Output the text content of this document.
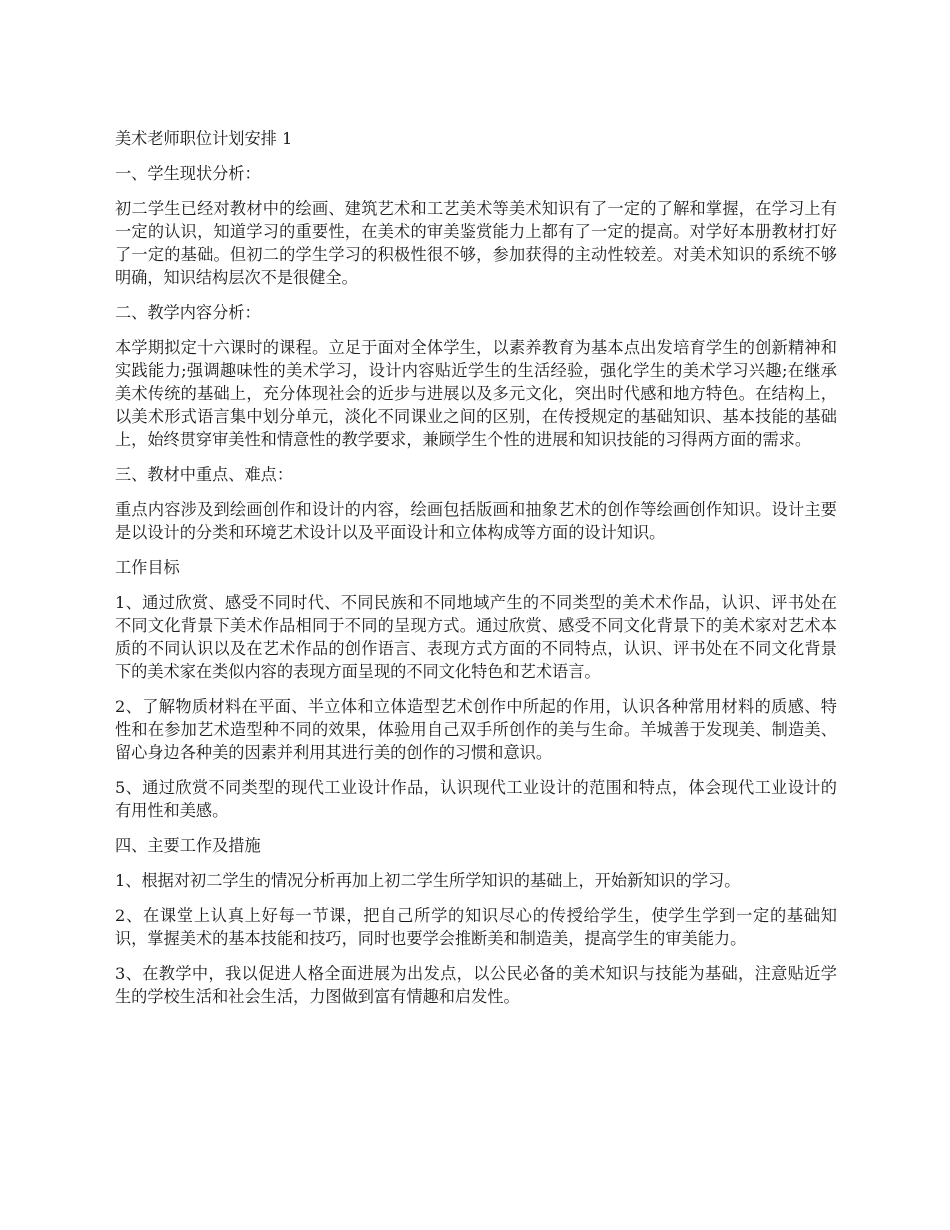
美术老师职位计划安排 1

一、学生现状分析：

初二学生已经对教材中的绘画、建筑艺术和工艺美术等美术知识有了一定的了解和掌握，在学习上有一定的认识，知道学习的重要性，在美术的审美鉴赏能力上都有了一定的提高。对学好本册教材打好了一定的基础。但初二的学生学习的积极性很不够，参加获得的主动性较差。对美术知识的系统不够明确，知识结构层次不是很健全。

二、教学内容分析：

本学期拟定十六课时的课程。立足于面对全体学生，以素养教育为基本点出发培育学生的创新精神和实践能力;强调趣味性的美术学习，设计内容贴近学生的生活经验，强化学生的美术学习兴趣;在继承美术传统的基础上，充分体现社会的近步与进展以及多元文化，突出时代感和地方特色。在结构上，以美术形式语言集中划分单元，淡化不同课业之间的区别，在传授规定的基础知识、基本技能的基础上，始终贯穿审美性和情意性的教学要求，兼顾学生个性的进展和知识技能的习得两方面的需求。

三、教材中重点、难点：

重点内容涉及到绘画创作和设计的内容，绘画包括版画和抽象艺术的创作等绘画创作知识。设计主要是以设计的分类和环境艺术设计以及平面设计和立体构成等方面的设计知识。

工作目标

1、通过欣赏、感受不同时代、不同民族和不同地域产生的不同类型的美术术作品，认识、评书处在不同文化背景下美术作品相同于不同的呈现方式。通过欣赏、感受不同文化背景下的美术家对艺术本质的不同认识以及在艺术作品的创作语言、表现方式方面的不同特点，认识、评书处在不同文化背景下的美术家在类似内容的表现方面呈现的不同文化特色和艺术语言。

2、了解物质材料在平面、半立体和立体造型艺术创作中所起的作用，认识各种常用材料的质感、特性和在参加艺术造型种不同的效果，体验用自己双手所创作的美与生命。羊城善于发现美、制造美、留心身边各种美的因素并利用其进行美的创作的习惯和意识。

5、通过欣赏不同类型的现代工业设计作品，认识现代工业设计的范围和特点，体会现代工业设计的有用性和美感。

四、主要工作及措施

1、根据对初二学生的情况分析再加上初二学生所学知识的基础上，开始新知识的学习。

2、在课堂上认真上好每一节课，把自己所学的知识尽心的传授给学生，使学生学到一定的基础知识，掌握美术的基本技能和技巧，同时也要学会推断美和制造美，提高学生的审美能力。

3、在教学中，我以促进人格全面进展为出发点，以公民必备的美术知识与技能为基础，注意贴近学生的学校生活和社会生活，力图做到富有情趣和启发性。
